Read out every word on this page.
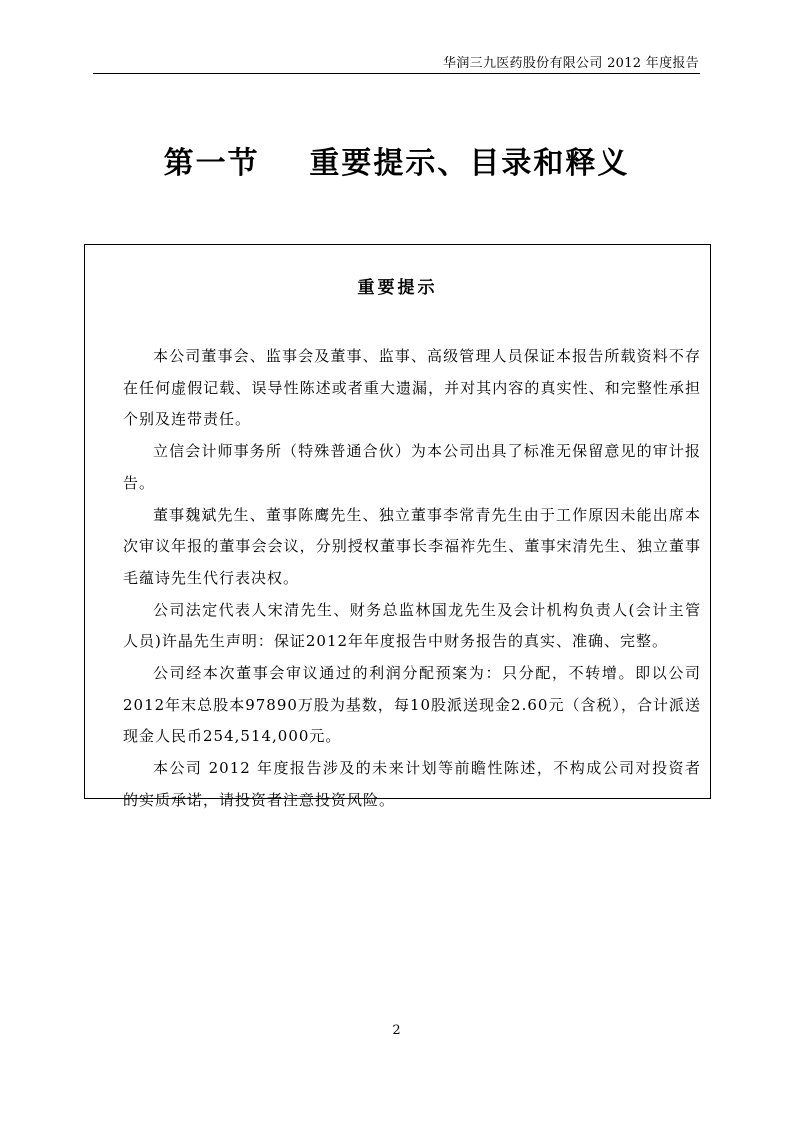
华润三九医药股份有限公司 2012 年度报告
第一节    重要提示、目录和释义
重要提示

本公司董事会、监事会及董事、监事、高级管理人员保证本报告所载资料不存在任何虚假记载、误导性陈述或者重大遗漏，并对其内容的真实性、和完整性承担个别及连带责任。

立信会计师事务所（特殊普通合伙）为本公司出具了标准无保留意见的审计报告。

董事魏斌先生、董事陈鹰先生、独立董事李常青先生由于工作原因未能出席本次审议年报的董事会会议，分别授权董事长李福祚先生、董事宋清先生、独立董事毛蕴诗先生代行表决权。

公司法定代表人宋清先生、财务总监林国龙先生及会计机构负责人(会计主管人员)许晶先生声明：保证2012年年度报告中财务报告的真实、准确、完整。

公司经本次董事会审议通过的利润分配预案为：只分配，不转增。即以公司2012年末总股本97890万股为基数，每10股派送现金2.60元（含税），合计派送现金人民币254,514,000元。

本公司 2012 年度报告涉及的未来计划等前瞻性陈述，不构成公司对投资者的实质承诺，请投资者注意投资风险。

2
